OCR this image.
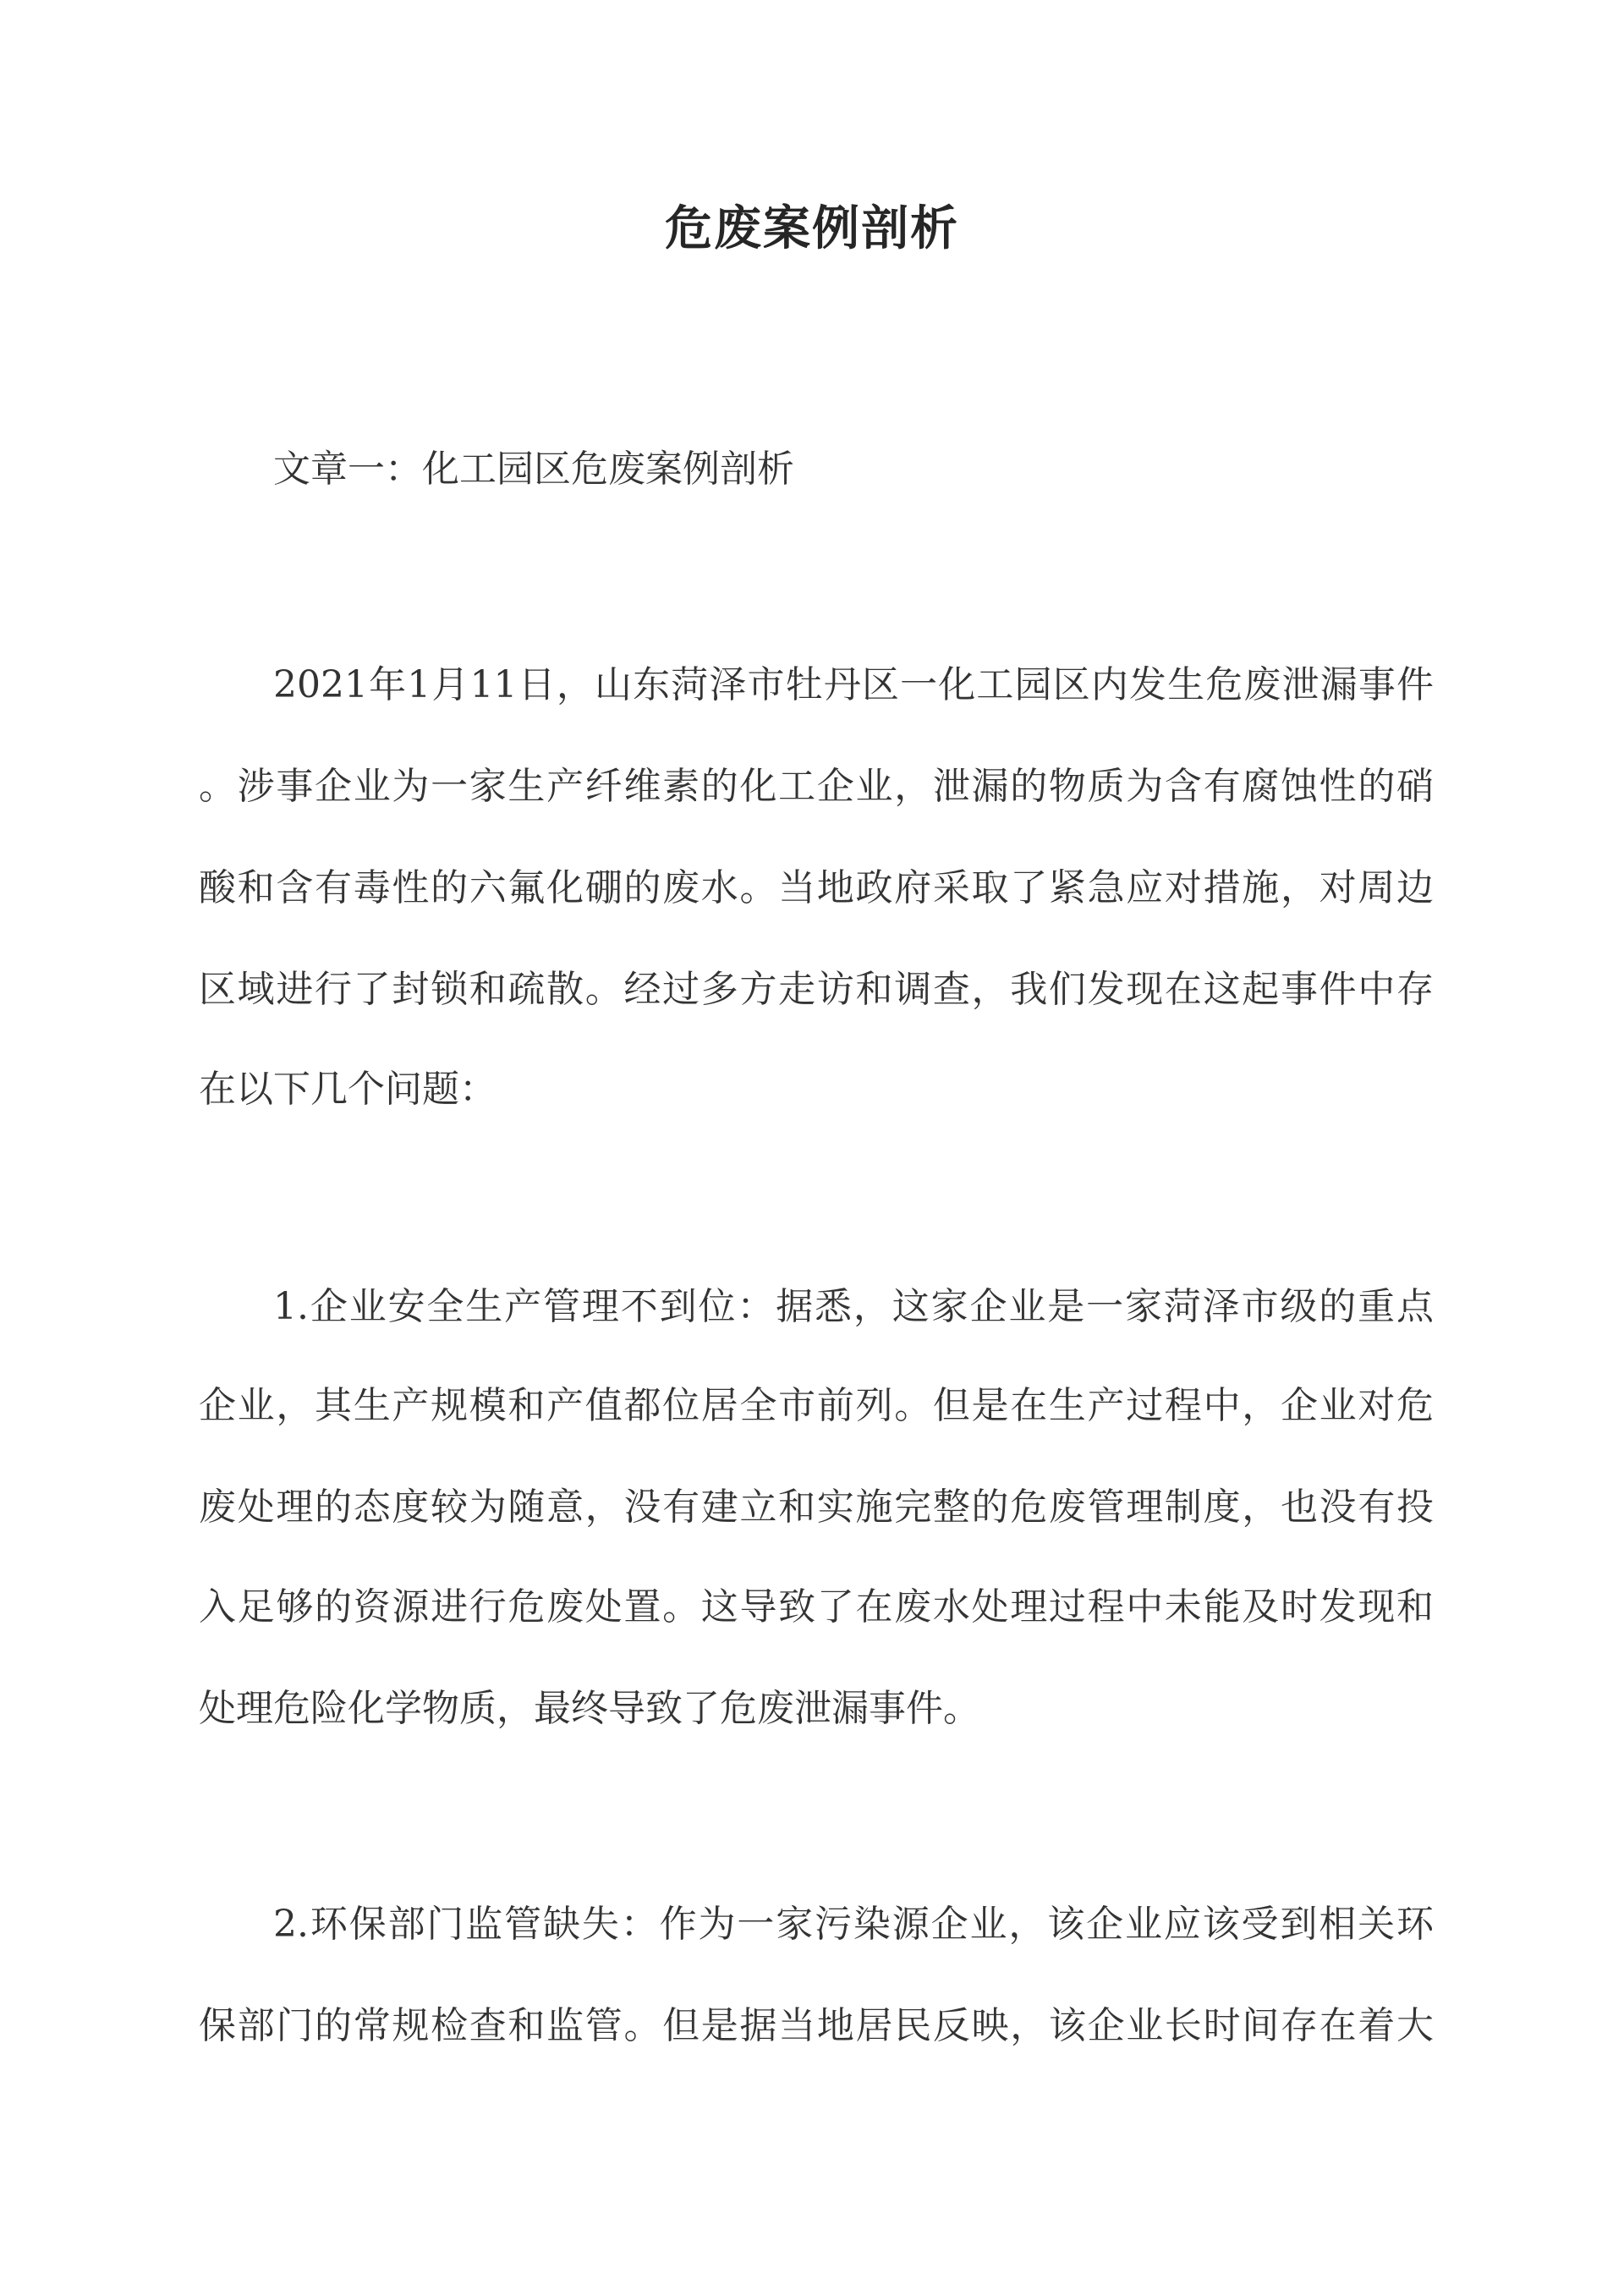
危废案例剖析
文章一：化工园区危废案例剖析
2021年1月11日，山东菏泽市牡丹区一化工园区内发生危废泄漏事件
。涉事企业为一家生产纤维素的化工企业，泄漏的物质为含有腐蚀性的硝
酸和含有毒性的六氟化硼的废水。当地政府采取了紧急应对措施，对周边
区域进行了封锁和疏散。经过多方走访和调查，我们发现在这起事件中存
在以下几个问题：
1.企业安全生产管理不到位：据悉，这家企业是一家菏泽市级的重点
企业，其生产规模和产值都位居全市前列。但是在生产过程中，企业对危
废处理的态度较为随意，没有建立和实施完整的危废管理制度，也没有投
入足够的资源进行危废处置。这导致了在废水处理过程中未能及时发现和
处理危险化学物质，最终导致了危废泄漏事件。
2.环保部门监管缺失：作为一家污染源企业，该企业应该受到相关环
保部门的常规检查和监管。但是据当地居民反映，该企业长时间存在着大
